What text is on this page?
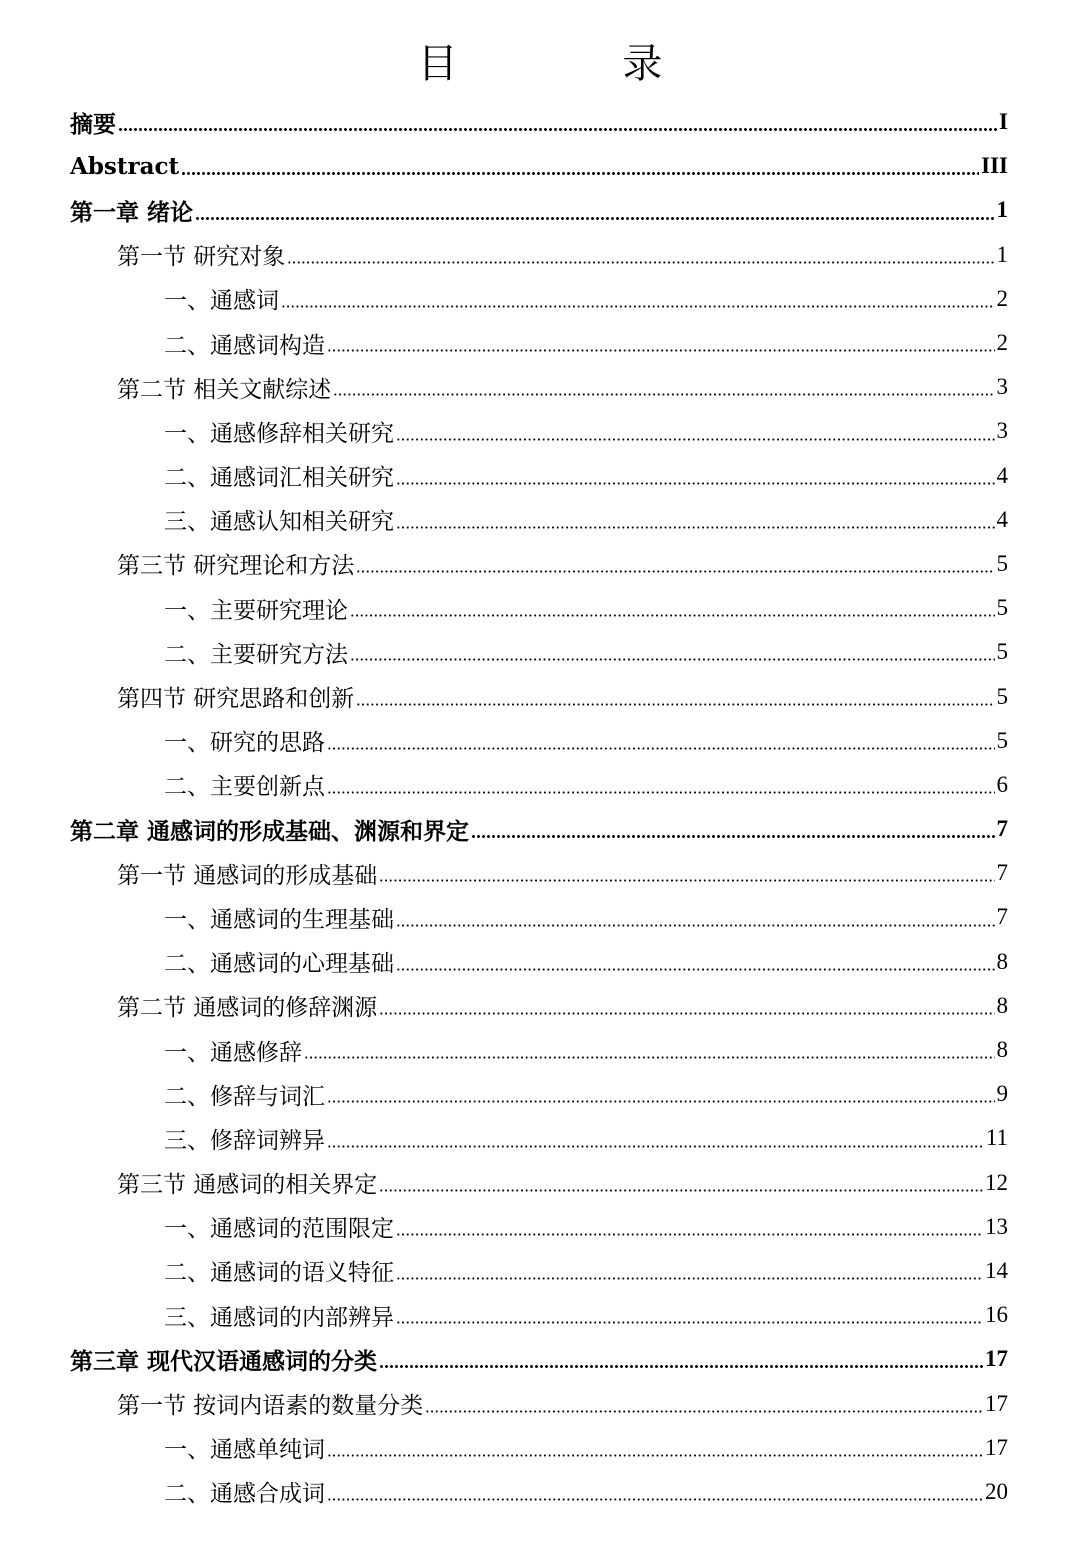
目 录
摘要	I
Abstract	III
第一章 绪论	1
第一节 研究对象	1
一、通感词	2
二、通感词构造	2
第二节 相关文献综述	3
一、通感修辞相关研究	3
二、通感词汇相关研究	4
三、通感认知相关研究	4
第三节 研究理论和方法	5
一、主要研究理论	5
二、主要研究方法	5
第四节 研究思路和创新	5
一、研究的思路	5
二、主要创新点	6
第二章 通感词的形成基础、渊源和界定	7
第一节 通感词的形成基础	7
一、通感词的生理基础	7
二、通感词的心理基础	8
第二节 通感词的修辞渊源	8
一、通感修辞	8
二、修辞与词汇	9
三、修辞词辨异	11
第三节 通感词的相关界定	12
一、通感词的范围限定	13
二、通感词的语义特征	14
三、通感词的内部辨异	16
第三章 现代汉语通感词的分类	17
第一节 按词内语素的数量分类	17
一、通感单纯词	17
二、通感合成词	20
